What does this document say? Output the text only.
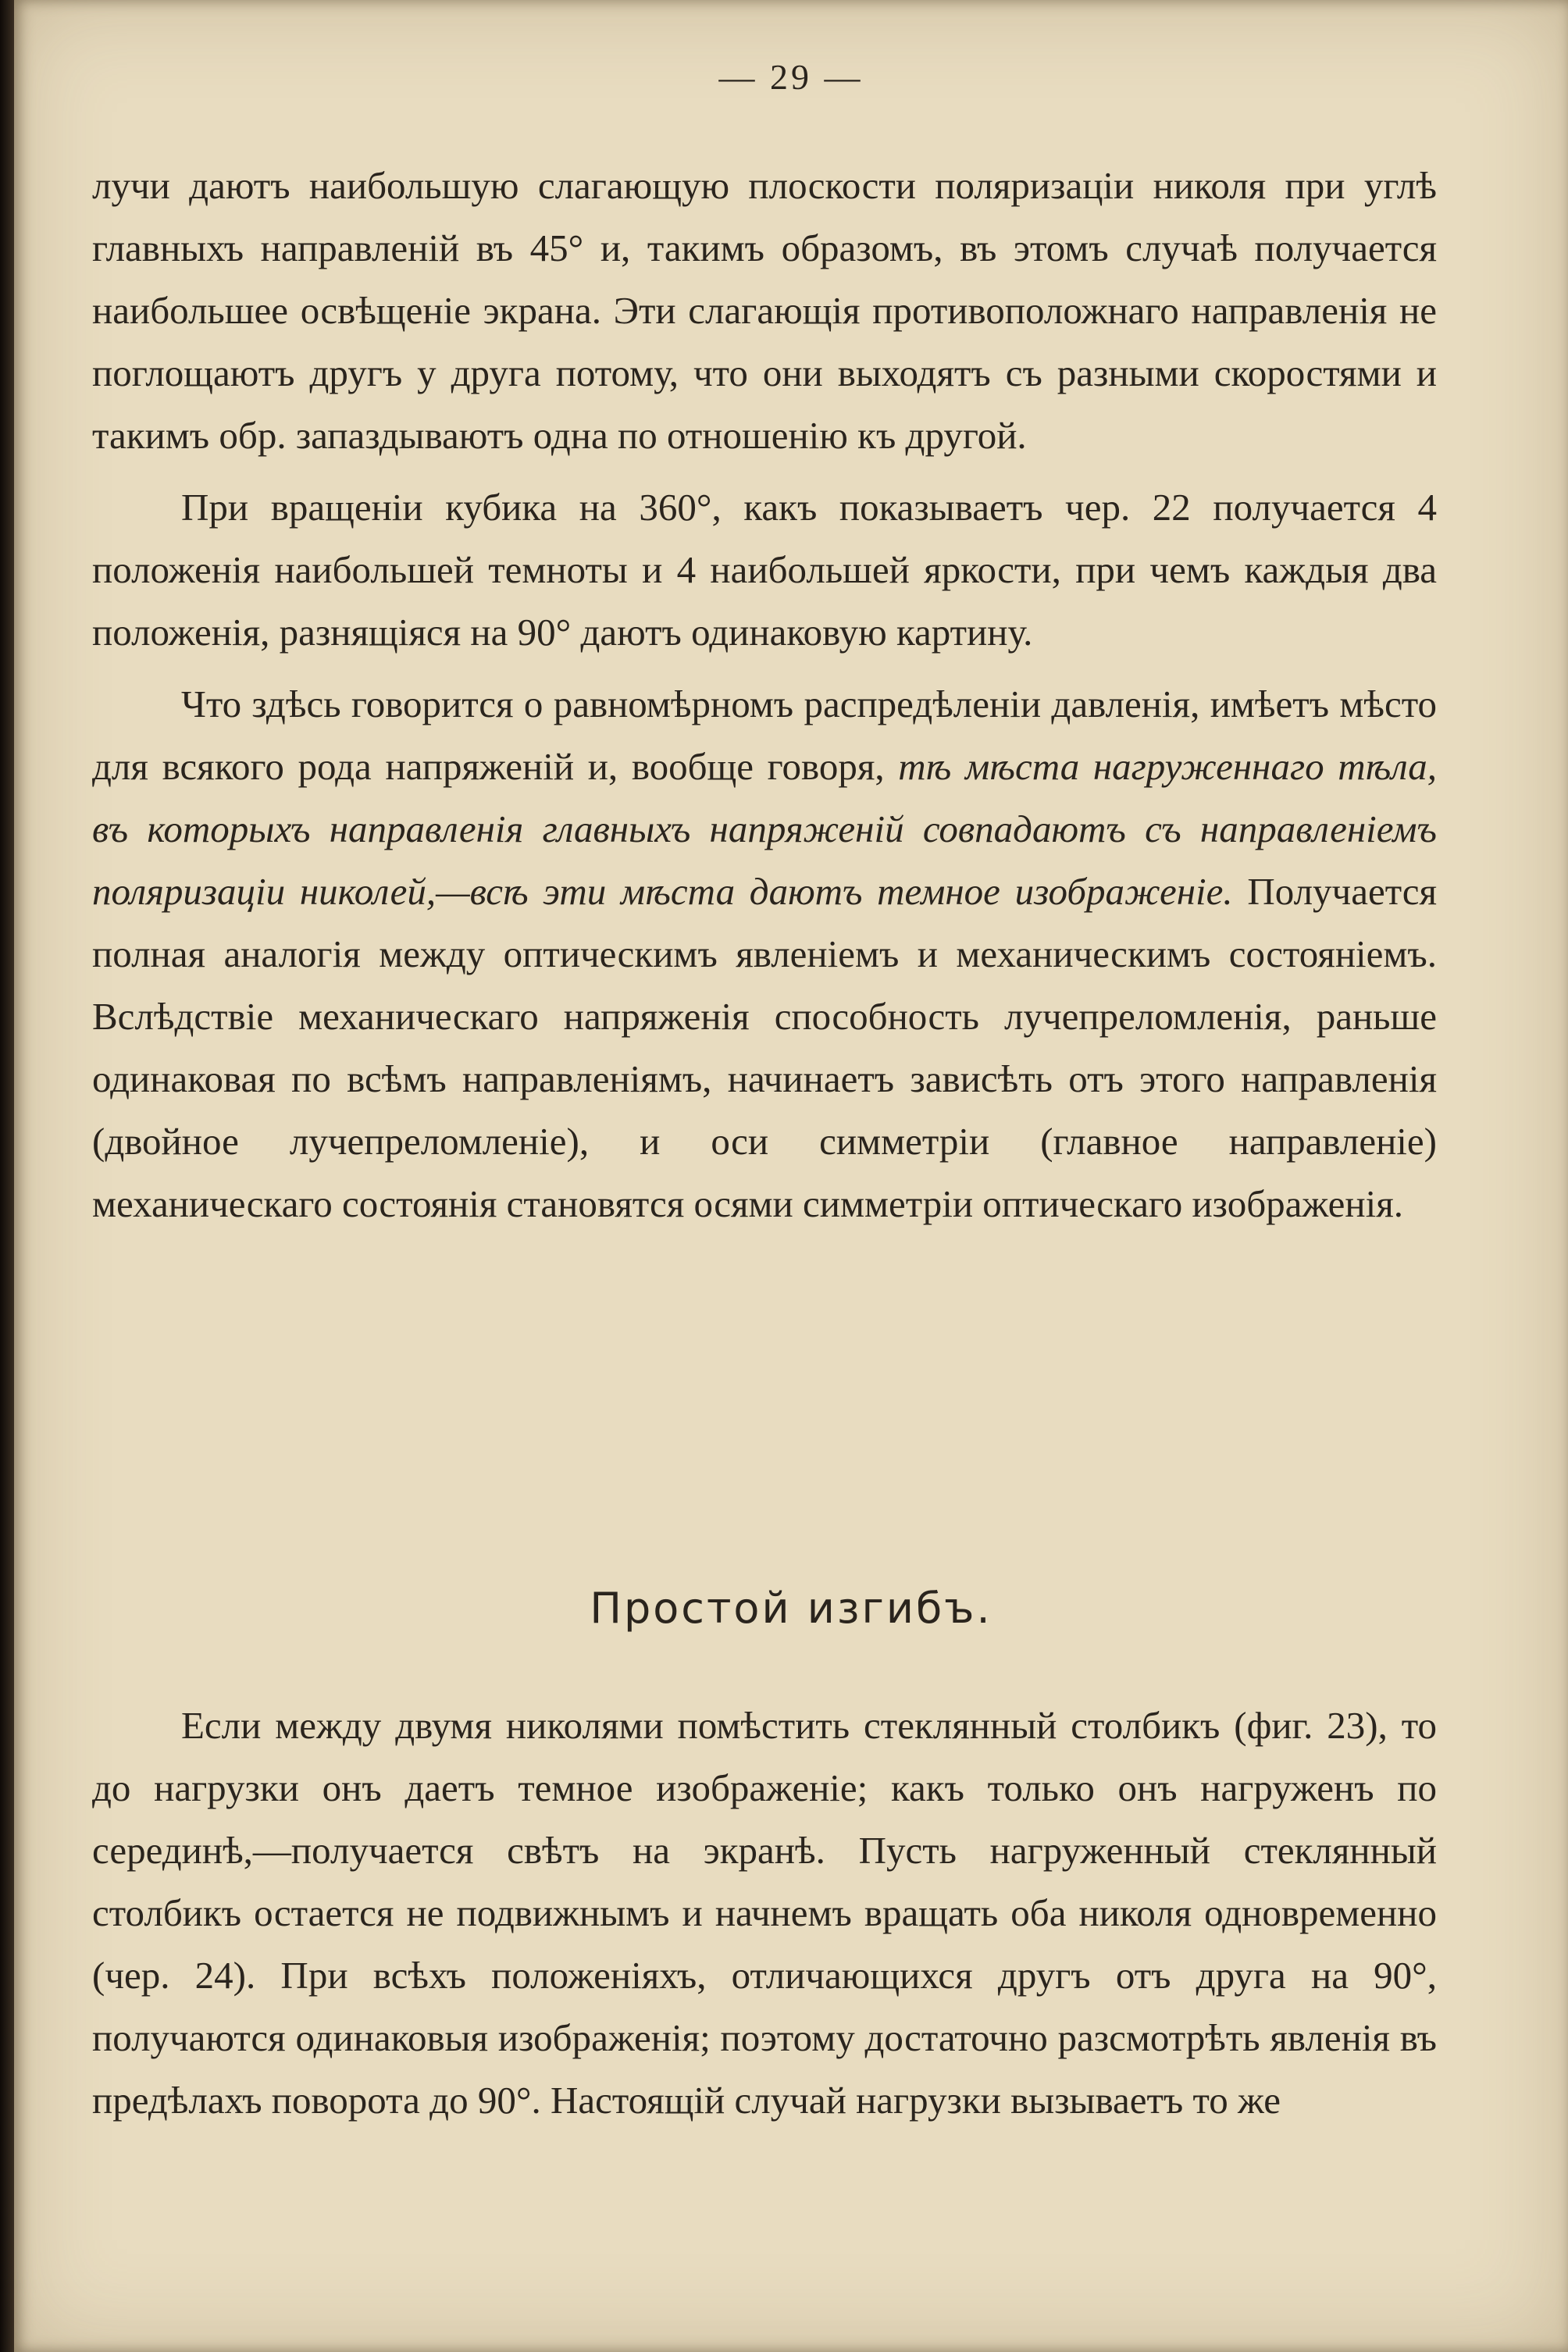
— 29 —

лучи даютъ наибольшую слагающую плоскости поляризаціи николя при углѣ главныхъ направленій въ 45° и, такимъ образомъ, въ этомъ случаѣ получается наибольшее освѣщеніе экрана. Эти слагающія противоположнаго направленія не поглощаютъ другъ у друга потому, что они выходятъ съ разными скоростями и такимъ обр. запаздываютъ одна по отношенію къ другой.

При вращеніи кубика на 360°, какъ показываетъ чер. 22 получается 4 положенія наибольшей темноты и 4 наибольшей яркости, при чемъ каждыя два положенія, разнящіяся на 90° даютъ одинаковую картину.

Что здѣсь говорится о равномѣрномъ распредѣленіи давленія, имѣетъ мѣсто для всякого рода напряженій и, вообще говоря, тѣ мѣста нагруженнаго тѣла, въ которыхъ направленія главныхъ напряженій совпадаютъ съ направленіемъ поляризаціи николей,—всѣ эти мѣста даютъ темное изображеніе. Получается полная аналогія между оптическимъ явленіемъ и механическимъ состояніемъ. Вслѣдствіе механическаго напряженія способность лучепреломленія, раньше одинаковая по всѣмъ направленіямъ, начинаетъ зависѣть отъ этого направленія (двойное лучепреломленіе), и оси симметріи (главное направленіе) механическаго состоянія становятся осями симметріи оптическаго изображенія.

Простой изгибъ.

Если между двумя николями помѣстить стеклянный столбикъ (фиг. 23), то до нагрузки онъ даетъ темное изображеніе; какъ только онъ нагруженъ по серединѣ,—получается свѣтъ на экранѣ. Пусть нагруженный стеклянный столбикъ остается не подвижнымъ и начнемъ вращать оба николя одновременно (чер. 24). При всѣхъ положеніяхъ, отличающихся другъ отъ друга на 90°, получаются одинаковыя изображенія; поэтому достаточно разсмотрѣть явленія въ предѣлахъ поворота до 90°. Настоящій случай нагрузки вызываетъ то же
